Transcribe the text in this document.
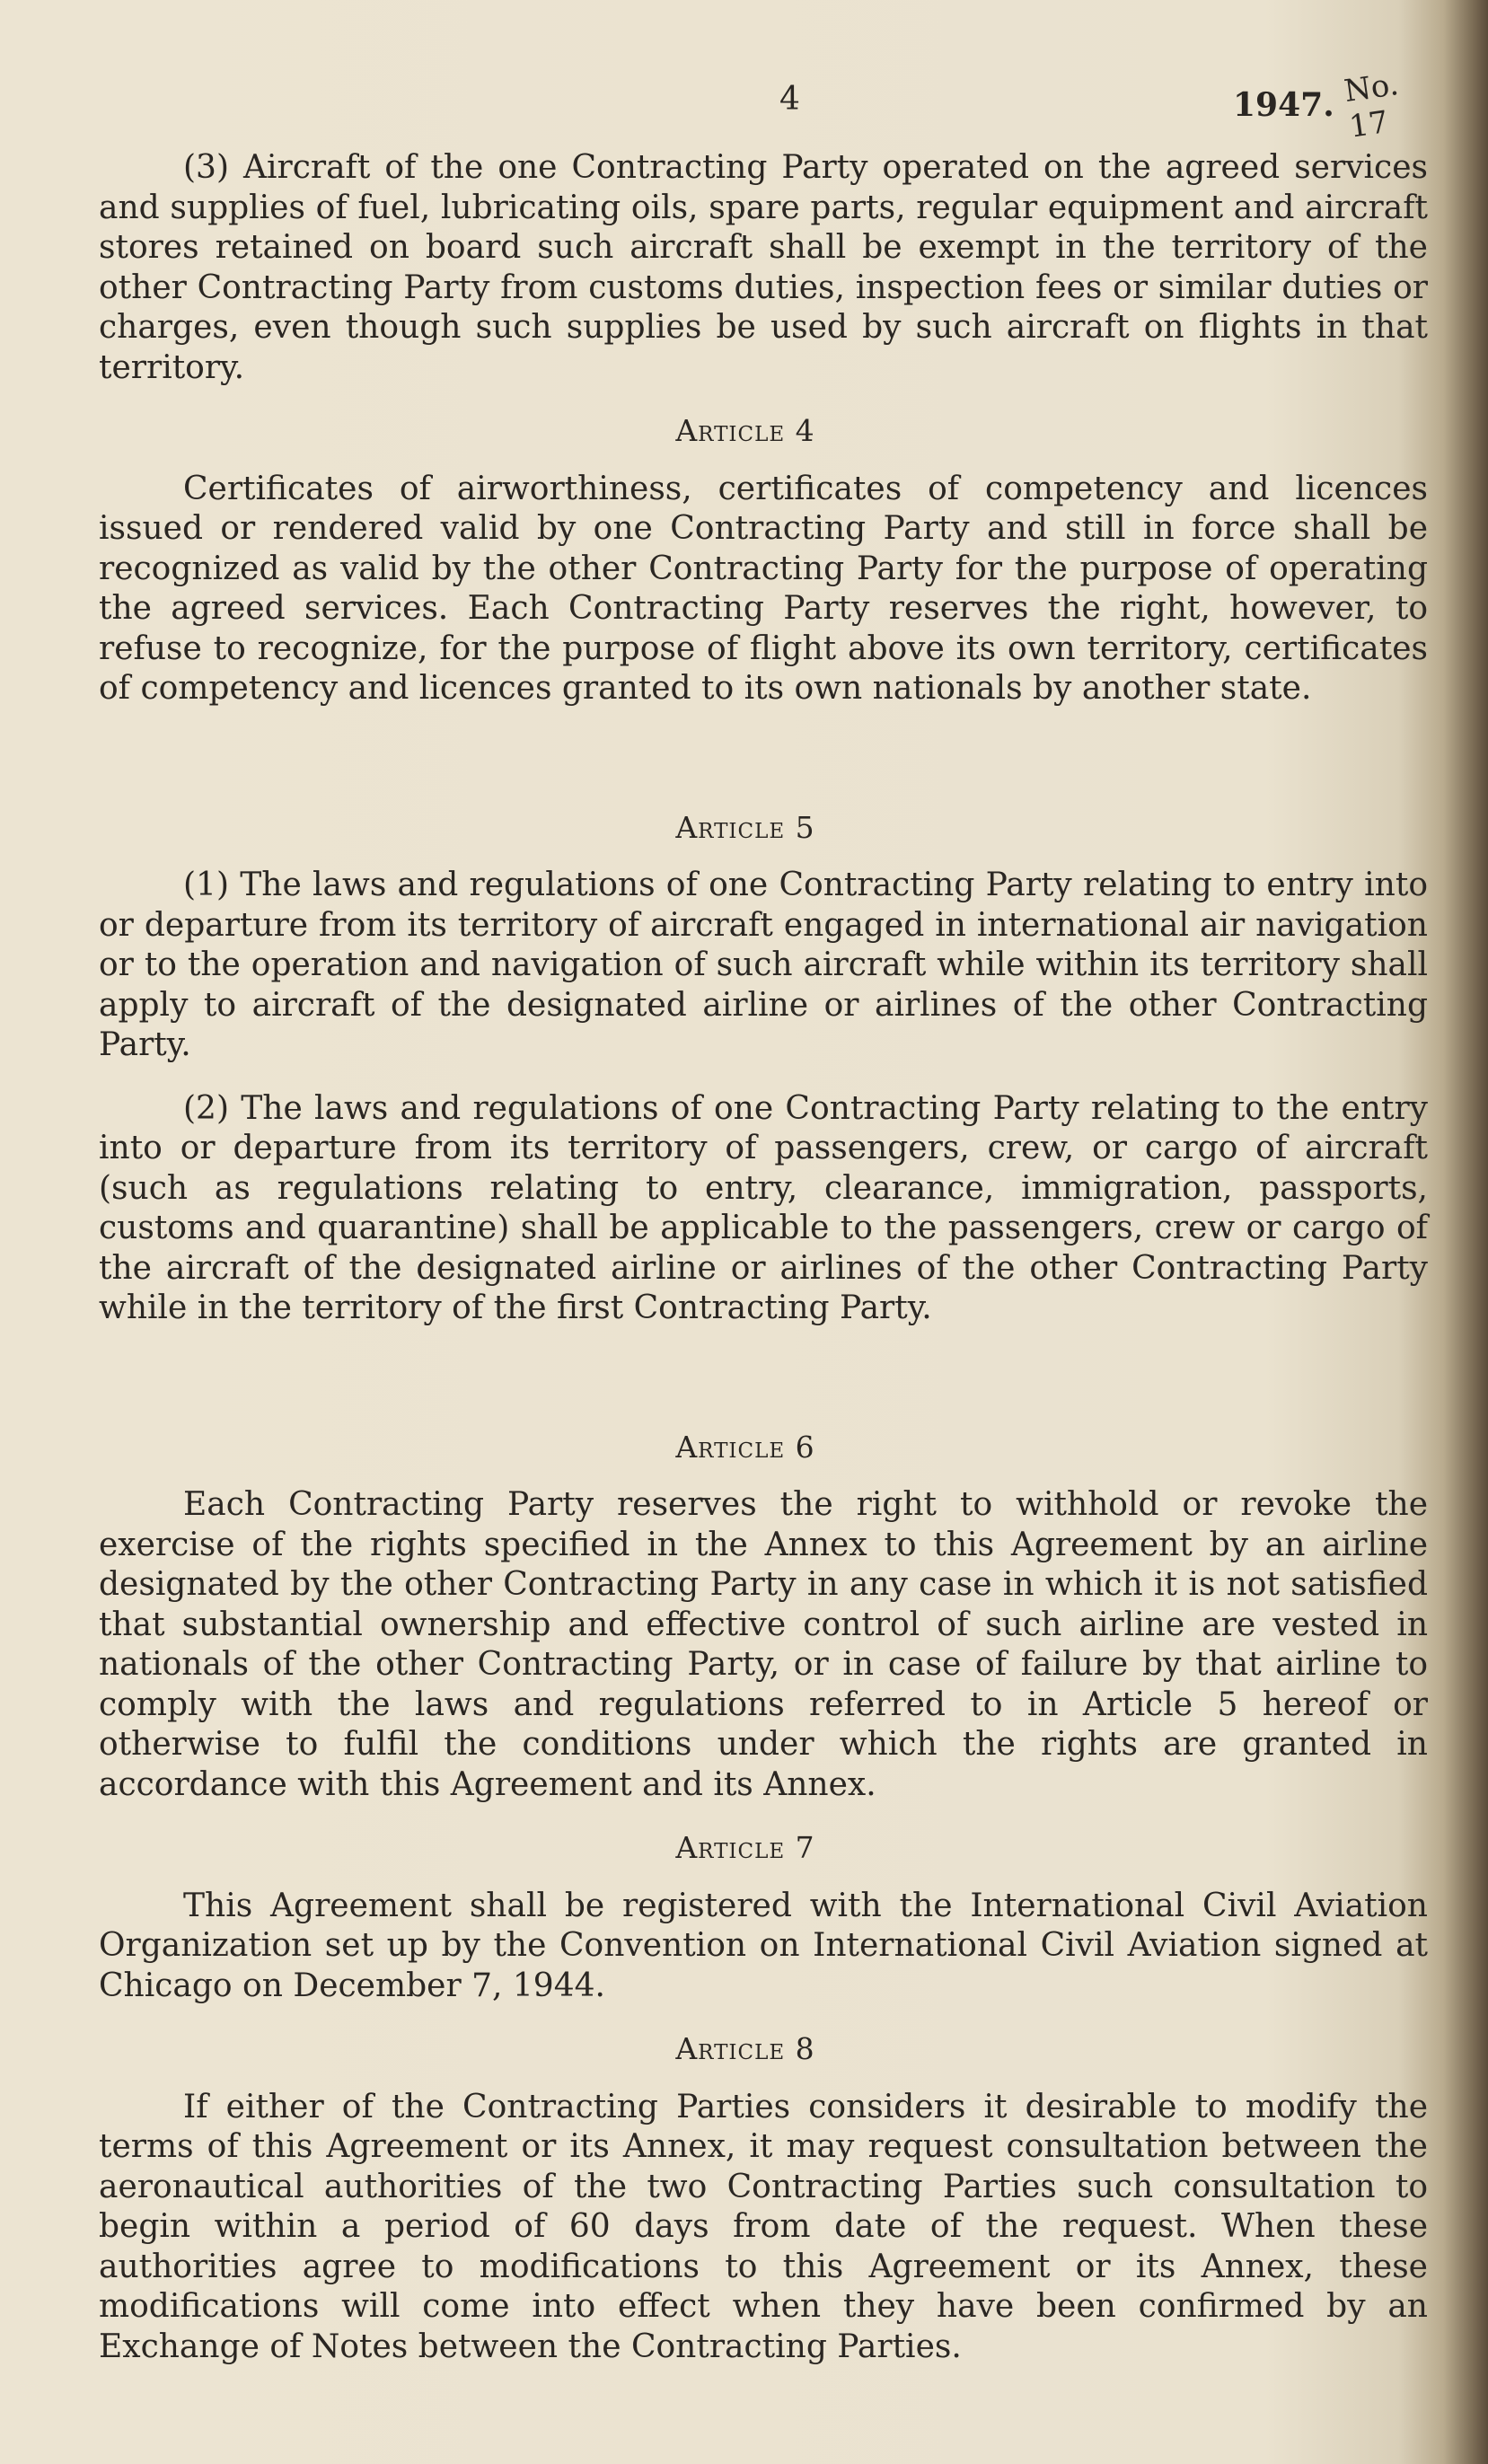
4	1947. No. 17

(3) Aircraft of the one Contracting Party operated on the agreed services and supplies of fuel, lubricating oils, spare parts, regular equipment and aircraft stores retained on board such aircraft shall be exempt in the territory of the other Contracting Party from customs duties, inspection fees or similar duties or charges, even though such supplies be used by such aircraft on flights in that territory.

Article 4

Certificates of airworthiness, certificates of competency and licences issued or rendered valid by one Contracting Party and still in force shall be recognized as valid by the other Contracting Party for the purpose of operating the agreed services. Each Contracting Party reserves the right, however, to refuse to recognize, for the purpose of flight above its own territory, certificates of competency and licences granted to its own nationals by another state.

Article 5

(1) The laws and regulations of one Contracting Party relating to entry into or departure from its territory of aircraft engaged in international air navigation or to the operation and navigation of such aircraft while within its territory shall apply to aircraft of the designated airline or airlines of the other Contracting Party.

(2) The laws and regulations of one Contracting Party relating to the entry into or departure from its territory of passengers, crew, or cargo of aircraft (such as regulations relating to entry, clearance, immigration, passports, customs and quarantine) shall be applicable to the passengers, crew or cargo of the aircraft of the designated airline or airlines of the other Contracting Party while in the territory of the first Contracting Party.

Article 6

Each Contracting Party reserves the right to withhold or revoke the exercise of the rights specified in the Annex to this Agreement by an airline designated by the other Contracting Party in any case in which it is not satisfied that substantial ownership and effective control of such airline are vested in nationals of the other Contracting Party, or in case of failure by that airline to comply with the laws and regulations referred to in Article 5 hereof or otherwise to fulfil the conditions under which the rights are granted in accordance with this Agreement and its Annex.

Article 7

This Agreement shall be registered with the International Civil Aviation Organization set up by the Convention on International Civil Aviation signed at Chicago on December 7, 1944.

Article 8

If either of the Contracting Parties considers it desirable to modify the terms of this Agreement or its Annex, it may request consultation between the aeronautical authorities of the two Contracting Parties such consultation to begin within a period of 60 days from date of the request. When these authorities agree to modifications to this Agreement or its Annex, these modifications will come into effect when they have been confirmed by an Exchange of Notes between the Contracting Parties.
